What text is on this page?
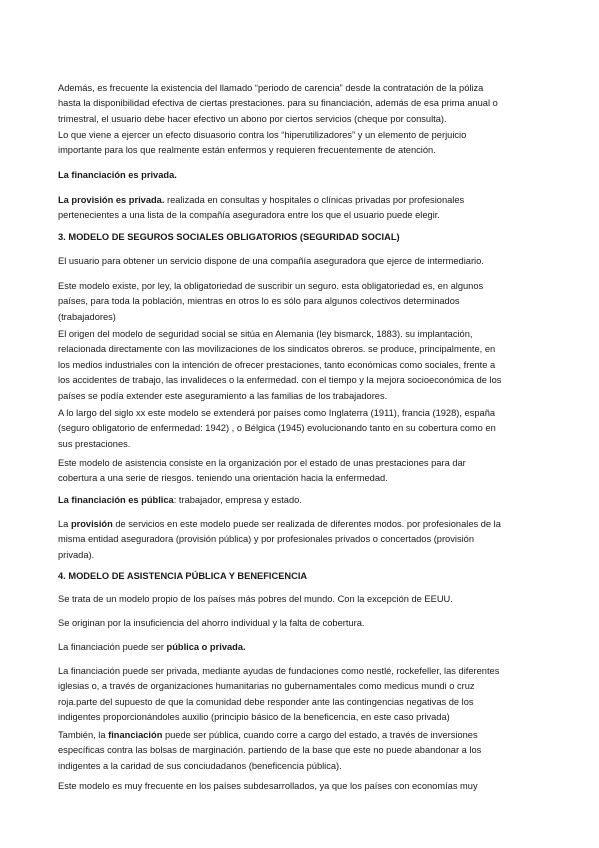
Además, es frecuente la existencia del llamado “periodo de carencia” desde la contratación de la póliza
hasta la disponibilidad efectiva de ciertas prestaciones. para su financiación, además de esa prima anual o
trimestral, el usuario debe hacer efectivo un abono por ciertos servicios (cheque por consulta).
Lo que viene a ejercer un efecto disuasorio contra los “hiperutilizadores” y un elemento de perjuicio
importante para los que realmente están enfermos y requieren frecuentemente de atención.
La financiación es privada.
La provisión es privada. realizada en consultas y hospitales o clínicas privadas por profesionales
pertenecientes a una lista de la compañía aseguradora entre los que el usuario puede elegir.
3. MODELO DE SEGUROS SOCIALES OBLIGATORIOS (SEGURIDAD SOCIAL)
El usuario para obtener un servicio dispone de una compañía aseguradora que ejerce de intermediario.
Este modelo existe, por ley, la obligatoriedad de suscribir un seguro. esta obligatoriedad es, en algunos
países, para toda la población, mientras en otros lo es sólo para algunos colectivos determinados
(trabajadores)
El origen del modelo de seguridad social se sitúa en Alemania (ley bismarck, 1883). su implantación,
relacionada directamente con las movilizaciones de los sindicatos obreros. se produce, principalmente, en
los medios industriales con la intención de ofrecer prestaciones, tanto económicas como sociales, frente a
los accidentes de trabajo, las invalideces o la enfermedad. con el tiempo y la mejora socioeconómica de los
países se podía extender este aseguramiento a las familias de los trabajadores.
A lo largo del siglo xx este modelo se extenderá por países como Inglaterra (1911), francia (1928), españa
(seguro obligatorio de enfermedad: 1942) , o Bélgica (1945) evolucionando tanto en su cobertura como en
sus prestaciones.
Este modelo de asistencia consiste en la organización por el estado de unas prestaciones para dar
cobertura a una serie de riesgos. teniendo una orientación hacia la enfermedad.
La financiación es pública: trabajador, empresa y estado.
La provisión de servicios en este modelo puede ser realizada de diferentes modos. por profesionales de la
misma entidad aseguradora (provisión pública) y por profesionales privados o concertados (provisión
privada).
4. MODELO DE ASISTENCIA PÚBLICA Y BENEFICENCIA
Se trata de un modelo propio de los países más pobres del mundo. Con la excepción de EEUU.
Se originan por la insuficiencia del ahorro individual y la falta de cobertura.
La financiación puede ser pública o privada.
La financiación puede ser privada, mediante ayudas de fundaciones como nestlé, rockefeller, las diferentes
iglesias o, a través de organizaciones humanitarias no gubernamentales como medicus mundi o cruz
roja.parte del supuesto de que la comunidad debe responder ante las contingencias negativas de los
indigentes proporcionándoles auxilio (principio básico de la beneficencia, en este caso privada)
También, la financiación puede ser pública, cuando corre a cargo del estado, a través de inversiones
específicas contra las bolsas de marginación. partiendo de la base que este no puede abandonar a los
indigentes a la caridad de sus conciudadanos (beneficencia pública).
Este modelo es muy frecuente en los países subdesarrollados, ya que los países con economías muy
